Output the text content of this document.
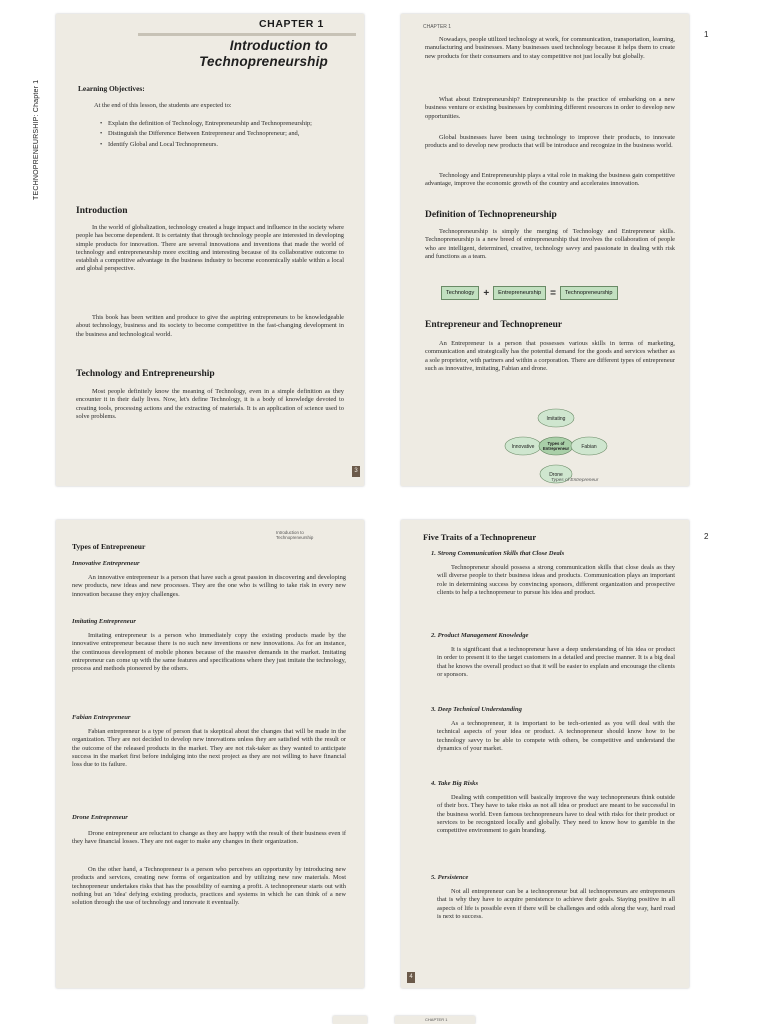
1
2
TECHNOPRENEURSHIP: Chapter 1
CHAPTER 1
Introduction to
Technopreneurship

Learning Objectives:

At the end of this lesson, the students are expected to:

• Explain the definition of Technology, Entrepreneurship and Technopreneurship;
• Distinguish the Difference Between Entrepreneur and Technopreneur; and,
• Identify Global and Local Technopreneurs.

Introduction

In the world of globalization, technology created a huge impact and influence in the society where people has become dependent. It is certainty that through technology people are interested in developing simple products for innovation. There are several innovations and inventions that made the world of technology and entrepreneurship more exciting and interesting because of its collaborative outcome to establish a competitive advantage in the business industry to become economically stable within a local and global perspective.

This book has been written and produce to give the aspiring entrepreneurs to be knowledgeable about technology, business and its society to become competitive in the fast-changing development in the business and technological world.

Technology and Entrepreneurship

Most people definitely know the meaning of Technology, even in a simple definition as they encounter it in their daily lives. Now, let's define Technology, it is a body of knowledge devoted to creating tools, processing actions and the extracting of materials. It is an application of science used to solve problems.

3

CHAPTER 1

Nowadays, people utilized technology at work, for communication, transportation, learning, manufacturing and businesses. Many businesses used technology because it helps them to create new products for their consumers and to stay competitive not just locally but globally.

What about Entrepreneurship? Entrepreneurship is the practice of embarking on a new business venture or existing businesses by combining different resources in order to develop new opportunities.

Global businesses have been using technology to improve their products, to innovate products and to develop new products that will be introduce and recognize in the business world.

Technology and Entrepreneurship plays a vital role in making the business gain competitive advantage, improve the economic growth of the country and accelerates innovation.

Definition of Technopreneurship

Technopreneurship is simply the merging of Technology and Entrepreneur skills. Technopreneurship is a new breed of entrepreneurship that involves the collaboration of people who are intelligent, determined, creative, technology savvy and passionate in dealing with risk and functions as a team.

Technology +	Entrepreneurship =	Technopreneurship

Entrepreneur and Technopreneur

An Entrepreneur is a person that possesses various skills in terms of marketing, communication and strategically has the potential demand for the goods and services whether as a sole proprietor, with partners and within a corporation. There are different types of entrepreneur such as innovative, imitating, Fabian and drone.

Imitating
Innovative
Types of
Entrepreneur Fabian
Drone

Types of Entrepreneur

Introduction to

Technopreneurship

Types of Entrepreneur

Innovative Entrepreneur

An innovative entrepreneur is a person that have such a great passion in discovering and developing new products, new ideas and new processes. They are the one who is willing to take risk in every new innovation because they enjoy challenges.

Imitating Entrepreneur

Imitating entrepreneur is a person who immediately copy the existing products made by the innovative entrepreneur because there is no such new inventions or new innovations. As for an instance, the continuous development of mobile phones because of the massive demands in the market. Imitating entrepreneur can come up with the same features and specifications where they just imitate the technology, process and methods pioneered by the others.

Fabian Entrepreneur

Fabian entrepreneur is a type of person that is skeptical about the changes that will be made in the organization. They are not decided to develop new innovations unless they are satisfied with the result or the outcome of the released products in the market. They are not risk-taker as they wanted to anticipate success in the market first before indulging into the next project as they are not willing to have financial loss due to its failure.

Drone Entrepreneur

Drone entrepreneur are reluctant to change as they are happy with the result of their business even if they have financial losses. They are not eager to make any changes in their organization.

On the other hand, a Technopreneur is a person who perceives an opportunity by introducing new products and services, creating new forms of organization and by utilizing new raw materials. Most technopreneur undertakes risks that has the possibility of earning a profit. A technopreneur starts out with nothing but an 'idea' defying existing products, practices and systems in which he can think of a new solution through the use of technology and innovate it eventually.

Five Traits of a Technopreneur

1. Strong Communication Skills that Close Deals

Technopreneur should possess a strong communication skills that close deals as they will diverse people to their business ideas and products. Communication plays an important role in determining success by convincing sponsors, different organization and prospective clients to help a technopreneur to pursue his idea and product.

2. Product Management Knowledge

It is significant that a technopreneur have a deep understanding of his idea or product in order to present it to the target customers in a detailed and precise manner. It is a big deal that he knows the overall product so that it will be easier to explain and encourage the clients or sponsors.

3. Deep Technical Understanding

As a technopreneur, it is important to be tech-oriented as you will deal with the technical aspects of your idea or product. A technopreneur should know how to be technology savvy to be able to compete with others, be competitive and understand the dynamics of your market.

4. Take Big Risks

Dealing with competition will basically improve the way technopreneurs think outside of their box. They have to take risks as not all idea or product are meant to be successful in the business world. Even famous technopreneurs have to deal with risks for their product or services to be recognized locally and globally. They need to know how to gamble in the competitive environment to gain branding.

5. Persistence

Not all entrepreneur can be a technopreneur but all technopreneurs are entrepreneurs that is why they have to acquire persistence to achieve their goals. Staying positive in all aspects of life is possible even if there will be challenges and odds along the way, hard road is next to success.

4

CHAPTER 1
